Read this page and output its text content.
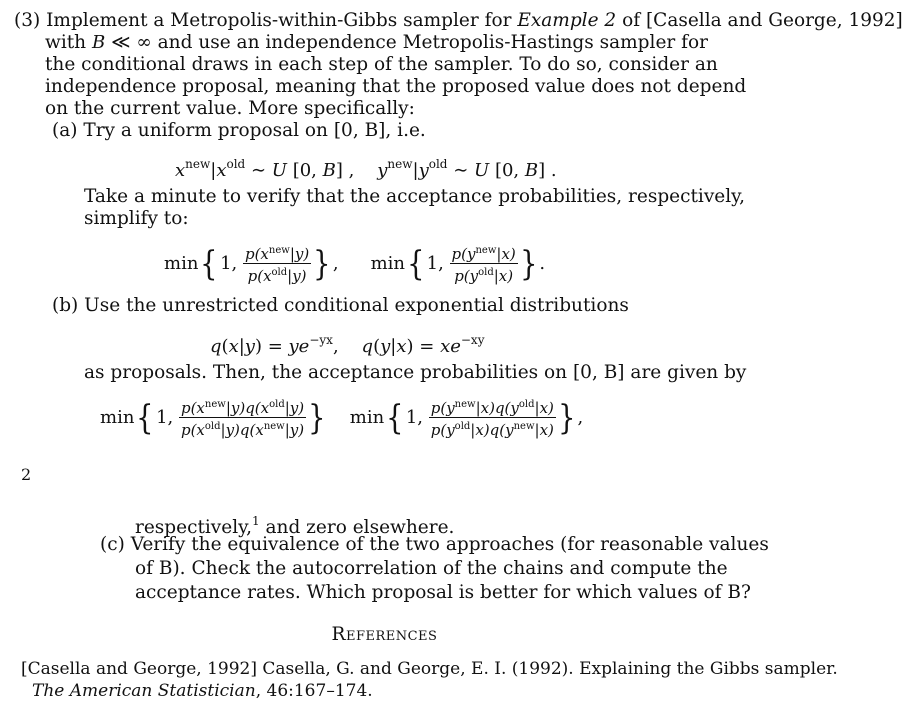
(3) Implement a Metropolis-within-Gibbs sampler for Example 2 of [Casella and George, 1992]
with B ≪ ∞ and use an independence Metropolis-Hastings sampler for
the conditional draws in each step of the sampler. To do so, consider an
independence proposal, meaning that the proposed value does not depend
on the current value. More specifically:
(a) Try a uniform proposal on [0, B], i.e.
$x^{new}|x^{old}$ ∼ U [0, B] ,    $y^{new}|y^{old}$ ∼ U [0, B] .
Take a minute to verify that the acceptance probabilities, respectively,
simplify to:
min { 1, $\frac{p(x^{new}|y)}{p(x^{old}|y)}$ } , min { 1, $\frac{p(y^{new}|x)}{p(y^{old}|x)}$ } .
(b) Use the unrestricted conditional exponential distributions
$q(x|y) = ye^{-yx}$,    $q(y|x) = xe^{-xy}$
as proposals. Then, the acceptance probabilities on [0, B] are given by
min { 1, $\frac{p(x^{new}|y)q(x^{old}|y)}{p(x^{old}|y)q(x^{new}|y)}$ } min { 1, $\frac{p(y^{new}|x)q(y^{old}|x)}{p(y^{old}|x)q(y^{new}|x)}$ } ,
2
respectively,$^1$ and zero elsewhere.
(c) Verify the equivalence of the two approaches (for reasonable values
of B). Check the autocorrelation of the chains and compute the
acceptance rates. Which proposal is better for which values of B?
References
[Casella and George, 1992] Casella, G. and George, E. I. (1992). Explaining the Gibbs sampler.
The American Statistician, 46:167–174.
